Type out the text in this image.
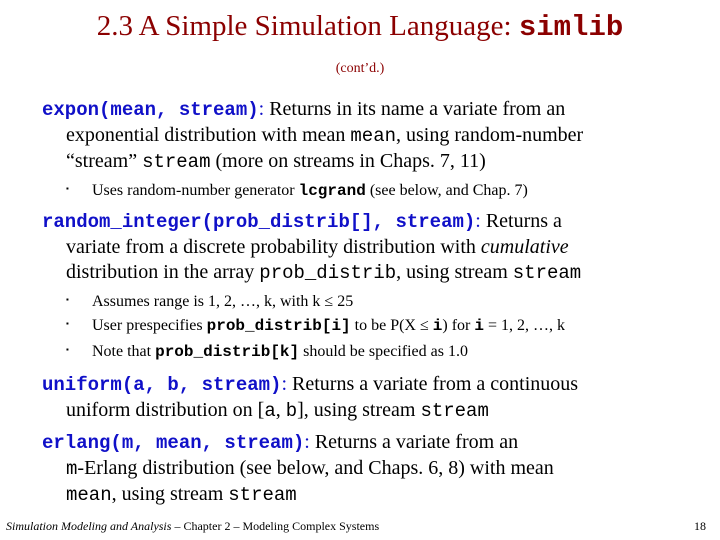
2.3 A Simple Simulation Language: simlib
(cont’d.)
expon(mean, stream): Returns in its name a variate from an
exponential distribution with mean mean, using random-number
“stream” stream (more on streams in Chaps. 7, 11)
▪ Uses random-number generator lcgrand (see below, and Chap. 7)
random_integer(prob_distrib[], stream): Returns a
variate from a discrete probability distribution with cumulative
distribution in the array prob_distrib, using stream stream
▪ Assumes range is 1, 2, …, k, with k ≤ 25
▪ User prespecifies prob_distrib[i] to be P(X ≤ i) for i = 1, 2, …, k
▪ Note that prob_distrib[k] should be specified as 1.0
uniform(a, b, stream): Returns a variate from a continuous
uniform distribution on [a, b], using stream stream
erlang(m, mean, stream): Returns a variate from an
m-Erlang distribution (see below, and Chaps. 6, 8) with mean
mean, using stream stream
Simulation Modeling and Analysis – Chapter 2 – Modeling Complex Systems	18
